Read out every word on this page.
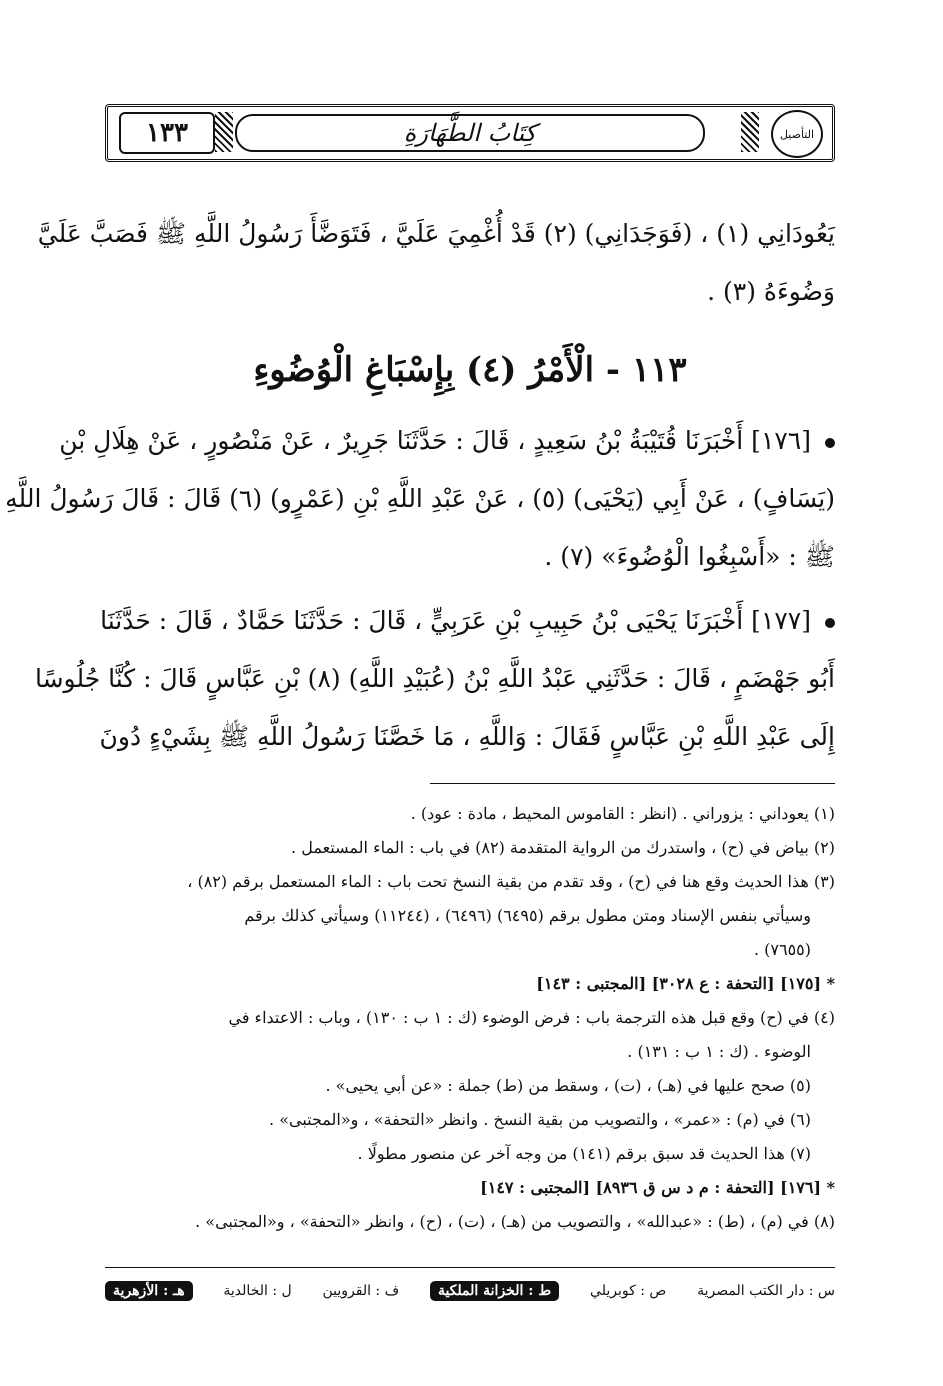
١٣٣	كِتَابُ الطَّهَارَةِ	التأصيل
يَعُودَانِي (١) ، (فَوَجَدَانِي) (٢) قَدْ أُغْمِيَ عَلَيَّ ، فَتَوَضَّأَ رَسُولُ اللَّهِ ﷺ فَصَبَّ عَلَيَّ
وَضُوءَهُ (٣) .
١١٣ - الْأَمْرُ (٤) بِإِسْبَاغِ الْوُضُوءِ
[١٧٦] أَخْبَرَنَا قُتَيْبَةُ بْنُ سَعِيدٍ ، قَالَ : حَدَّثَنَا جَرِيرٌ ، عَنْ مَنْصُورٍ ، عَنْ هِلَالِ بْنِ
(يَسَافٍ) ، عَنْ أَبِي (يَحْيَى) (٥) ، عَنْ عَبْدِ اللَّهِ بْنِ (عَمْرٍو) (٦) قَالَ : قَالَ رَسُولُ اللَّهِ
ﷺ : «أَسْبِغُوا الْوُضُوءَ» (٧) .
[١٧٧] أَخْبَرَنَا يَحْيَى بْنُ حَبِيبِ بْنِ عَرَبِيٍّ ، قَالَ : حَدَّثَنَا حَمَّادٌ ، قَالَ : حَدَّثَنَا
أَبُو جَهْضَمٍ ، قَالَ : حَدَّثَنِي عَبْدُ اللَّهِ بْنُ (عُبَيْدِ اللَّهِ) (٨) بْنِ عَبَّاسٍ قَالَ : كُنَّا جُلُوسًا
إِلَى عَبْدِ اللَّهِ بْنِ عَبَّاسٍ فَقَالَ : وَاللَّهِ ، مَا خَصَّنَا رَسُولُ اللَّهِ ﷺ بِشَيْءٍ دُونَ
(١) يعوداني : يزوراني . (انظر : القاموس المحيط ، مادة : عود) .
(٢) بياض في (ح) ، واستدرك من الرواية المتقدمة (٨٢) في باب : الماء المستعمل .
(٣) هذا الحديث وقع هنا في (ح) ، وقد تقدم من بقية النسخ تحت باب : الماء المستعمل برقم (٨٢) ،
وسيأتي بنفس الإسناد ومتن مطول برقم (٦٤٩٥) (٦٤٩٦) ، (١١٢٤٤) وسيأتي كذلك برقم
(٧٦٥٥) .
* [١٧٥] [التحفة : ع ٣٠٢٨] [المجتبى : ١٤٣]
(٤) في (ح) وقع قبل هذه الترجمة باب : فرض الوضوء (ك : ١ ب : ١٣٠) ، وباب : الاعتداء في
الوضوء . (ك : ١ ب : ١٣١) .
(٥) صحح عليها في (هـ) ، (ت) ، وسقط من (ط) جملة : «عن أبي يحيى» .
(٦) في (م) : «عمر» ، والتصويب من بقية النسخ . وانظر «التحفة» ، و«المجتبى» .
(٧) هذا الحديث قد سبق برقم (١٤١) من وجه آخر عن منصور مطولًا .
* [١٧٦] [التحفة : م د س ق ٨٩٣٦] [المجتبى : ١٤٧]
(٨) في (م) ، (ط) : «عبدالله» ، والتصويب من (هـ) ، (ت) ، (ح) ، وانظر «التحفة» ، و«المجتبى» .
س : دار الكتب المصرية
ص : كوبريلي
ط : الخزانة الملكية
ف : القرويين
ل : الخالدية
هـ : الأزهرية
